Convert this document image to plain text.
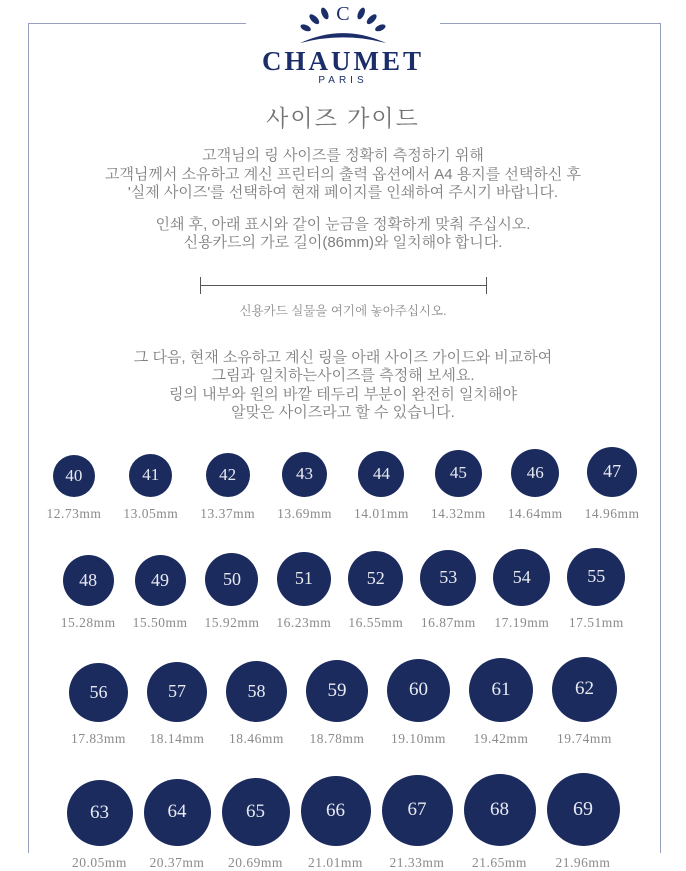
C
CHAUMET
PARIS
사이즈 가이드

고객님의 링 사이즈를 정확히 측정하기 위해
고객님께서 소유하고 계신 프린터의 출력 옵션에서 A4 용지를 선택하신 후
'실제 사이즈'를 선택하여 현재 페이지를 인쇄하여 주시기 바랍니다.

인쇄 후, 아래 표시와 같이 눈금을 정확하게 맞춰 주십시오.
신용카드의 가로 길이(86mm)와 일치해야 합니다.

신용카드 실물을 여기에 놓아주십시오.

그 다음, 현재 소유하고 계신 링을 아래 사이즈 가이드와 비교하여
그림과 일치하는사이즈를 측정해 보세요.
링의 내부와 원의 바깥 테두리 부분이 완전히 일치해야
알맞은 사이즈라고 할 수 있습니다.

40
12.73mm
41
13.05mm
42
13.37mm
43
13.69mm
44
14.01mm
45
14.32mm
46
14.64mm
47
14.96mm
48
15.28mm
49
15.50mm
50
15.92mm
51
16.23mm
52
16.55mm
53
16.87mm
54
17.19mm
55
17.51mm
56
17.83mm
57
18.14mm
58
18.46mm
59
18.78mm
60
19.10mm
61
19.42mm
62
19.74mm
63
20.05mm
64
20.37mm
65
20.69mm
66
21.01mm
67
21.33mm
68
21.65mm
69
21.96mm
